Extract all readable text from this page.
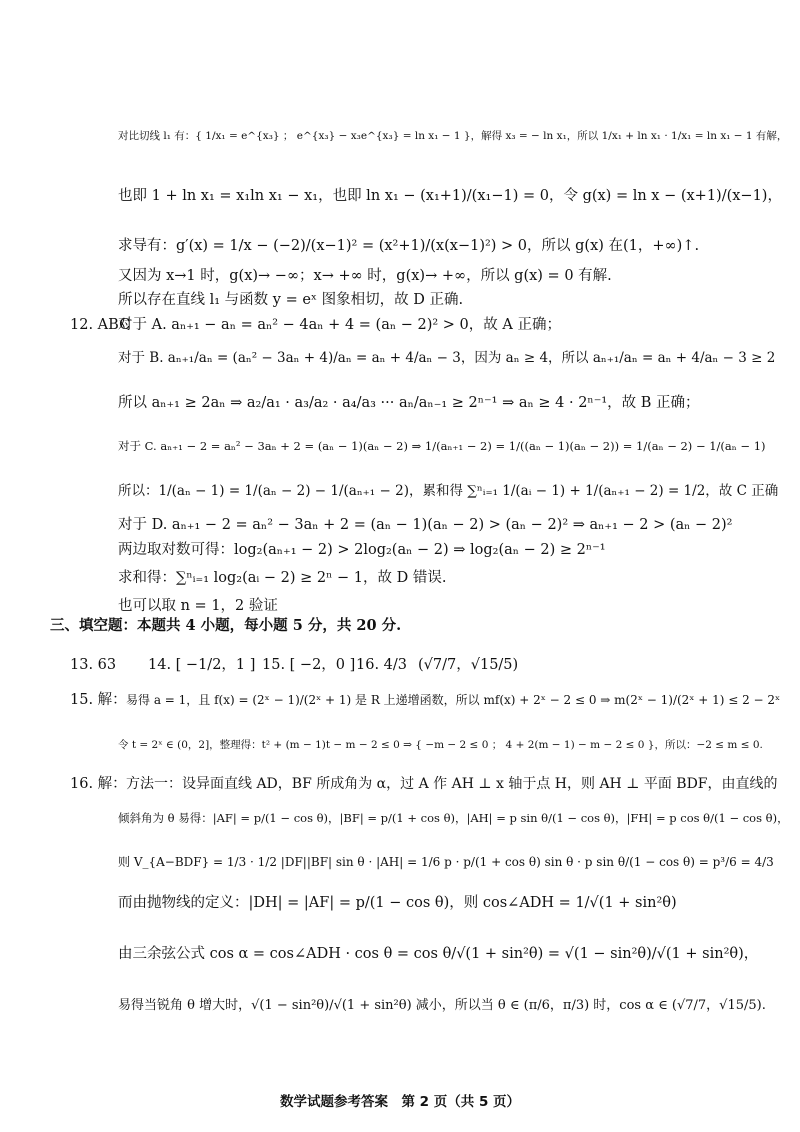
对比切线 l₁ 有：{ 1/x₁ = e^{x₃} ； e^{x₃} − x₃e^{x₃} = ln x₁ − 1 }，解得 x₃ = − ln x₁，所以 1/x₁ + ln x₁ · 1/x₁ = ln x₁ − 1 有解，
也即 1 + ln x₁ = x₁ln x₁ − x₁，也即 ln x₁ − (x₁+1)/(x₁−1) = 0，令 g(x) = ln x − (x+1)/(x−1)，
求导有：g′(x) = 1/x − (−2)/(x−1)² = (x²+1)/(x(x−1)²) > 0，所以 g(x) 在(1，+∞)↑.
又因为 x→1 时，g(x)→ −∞；x→ +∞ 时，g(x)→ +∞，所以 g(x) = 0 有解.
所以存在直线 l₁ 与函数 y = eˣ 图象相切，故 D 正确.
12. ABC
对于 A. aₙ₊₁ − aₙ = aₙ² − 4aₙ + 4 = (aₙ − 2)² > 0，故 A 正确；
对于 B. aₙ₊₁/aₙ = (aₙ² − 3aₙ + 4)/aₙ = aₙ + 4/aₙ − 3，因为 aₙ ≥ 4，所以 aₙ₊₁/aₙ = aₙ + 4/aₙ − 3 ≥ 2
所以 aₙ₊₁ ≥ 2aₙ ⇒ a₂/a₁ · a₃/a₂ · a₄/a₃ ··· aₙ/aₙ₋₁ ≥ 2ⁿ⁻¹ ⇒ aₙ ≥ 4 · 2ⁿ⁻¹，故 B 正确；
对于 C. aₙ₊₁ − 2 = aₙ² − 3aₙ + 2 = (aₙ − 1)(aₙ − 2) ⇒ 1/(aₙ₊₁ − 2) = 1/((aₙ − 1)(aₙ − 2)) = 1/(aₙ − 2) − 1/(aₙ − 1)
所以：1/(aₙ − 1) = 1/(aₙ − 2) − 1/(aₙ₊₁ − 2)，累和得 ∑ⁿᵢ₌₁ 1/(aᵢ − 1) + 1/(aₙ₊₁ − 2) = 1/2，故 C 正确
对于 D. aₙ₊₁ − 2 = aₙ² − 3aₙ + 2 = (aₙ − 1)(aₙ − 2) > (aₙ − 2)² ⇒ aₙ₊₁ − 2 > (aₙ − 2)²
两边取对数可得：log₂(aₙ₊₁ − 2) > 2log₂(aₙ − 2) ⇒ log₂(aₙ − 2) ≥ 2ⁿ⁻¹
求和得：∑ⁿᵢ₌₁ log₂(aᵢ − 2) ≥ 2ⁿ − 1，故 D 错误.
也可以取 n = 1，2 验证
三、填空题：本题共 4 小题，每小题 5 分，共 20 分.
13. 63 14. [ −1/2，1 ] 15. [ −2，0 ] 16. 4/3 (√7/7，√15/5)
15. 解： 易得 a = 1，且 f(x) = (2ˣ − 1)/(2ˣ + 1) 是 R 上递增函数，所以 mf(x) + 2ˣ − 2 ≤ 0 ⇒ m(2ˣ − 1)/(2ˣ + 1) ≤ 2 − 2ˣ
令 t = 2ˣ ∈ (0，2]，整理得：t² + (m − 1)t − m − 2 ≤ 0 ⇒ { −m − 2 ≤ 0 ； 4 + 2(m − 1) − m − 2 ≤ 0 }，所以：−2 ≤ m ≤ 0.
16. 解： 方法一：设异面直线 AD，BF 所成角为 α，过 A 作 AH ⊥ x 轴于点 H，则 AH ⊥ 平面 BDF，由直线的
倾斜角为 θ 易得：|AF| = p/(1 − cos θ)，|BF| = p/(1 + cos θ)，|AH| = p sin θ/(1 − cos θ)，|FH| = p cos θ/(1 − cos θ)，
则 V_{A−BDF} = 1/3 · 1/2 |DF||BF| sin θ · |AH| = 1/6 p · p/(1 + cos θ) sin θ · p sin θ/(1 − cos θ) = p³/6 = 4/3
而由抛物线的定义：|DH| = |AF| = p/(1 − cos θ)，则 cos∠ADH = 1/√(1 + sin²θ)
由三余弦公式 cos α = cos∠ADH · cos θ = cos θ/√(1 + sin²θ) = √(1 − sin²θ)/√(1 + sin²θ)，
易得当锐角 θ 增大时，√(1 − sin²θ)/√(1 + sin²θ) 减小，所以当 θ ∈ (π/6，π/3) 时，cos α ∈ (√7/7，√15/5).
数学试题参考答案　第 2 页（共 5 页）
